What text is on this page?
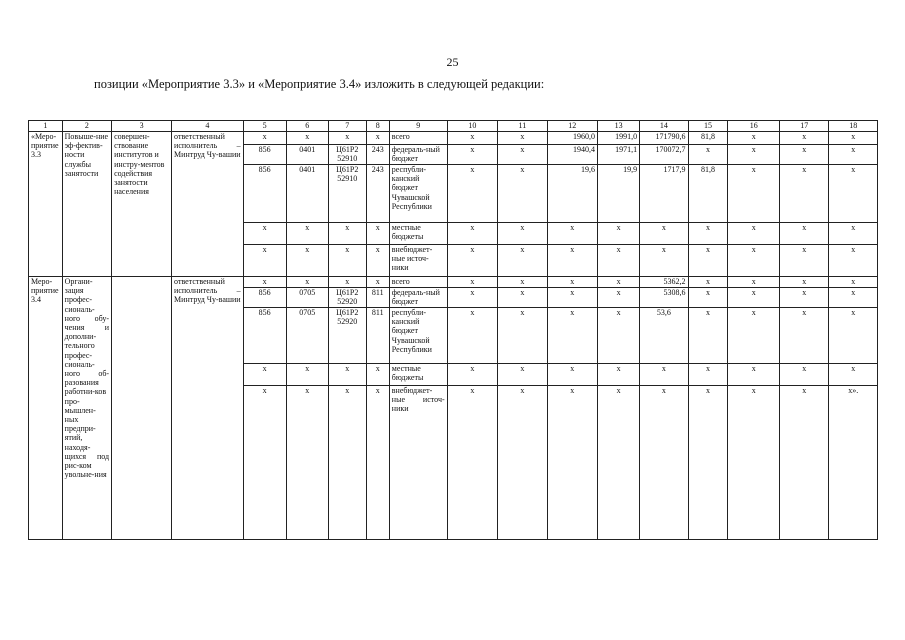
25
позиции «Мероприятие 3.3» и «Мероприятие 3.4» изложить в следующей редакции:
1	2	3	4	5	6	7	8	9	10	11	12	13	14	15	16	17	18
«Меро-приятие 3.3	Повыше-ние эф-фектив-ности службы занятости	совершен-ствование институтов и инстру-ментов содействия занятости населения	ответственный исполнитель – Минтруд Чу-вашии	x	x	x	x	всего	x	x	1960,0	1991,0	171790,6	81,8	x	x	x
				856	0401	Ц61Р2 52910	243	федераль-ный бюджет	x	x	1940,4	1971,1	170072,7	x	x	x	x
				856	0401	Ц61Р2 52910	243	республи-канский бюджет Чувашской Республики	x	x	19,6	19,9	1717,9	81,8	x	x	x
				x	x	x	x	местные бюджеты	x	x	x	x	x	x	x	x	x
				x	x	x	x	внебюджет-ные источ-ники	x	x	x	x	x	x	x	x	x
Меро-приятие 3.4	Органи-зация профес-сиональ-ного обу-чения и дополни-тельного профес-сиональ-ного об-разования работни-ков про-мышлен-ных предпри-ятий, находя-щихся под рис-ком увольне-ния		ответственный исполнитель – Минтруд Чу-вашии	x	x	x	x	всего	x	x	x	x	5362,2	x	x	x	x
				856	0705	Ц61Р2 52920	811	федераль-ный бюджет	x	x	x	x	5308,6	x	x	x	x
				856	0705	Ц61Р2 52920	811	республи-канский бюджет Чувашской Республики	x	x	x	x	53,6	x	x	x	x
				x	x	x	x	местные бюджеты	x	x	x	x	x	x	x	x	x
				x	x	x	x	внебюджет-ные источ-ники	x	x	x	x	x	x	x	x	x».
